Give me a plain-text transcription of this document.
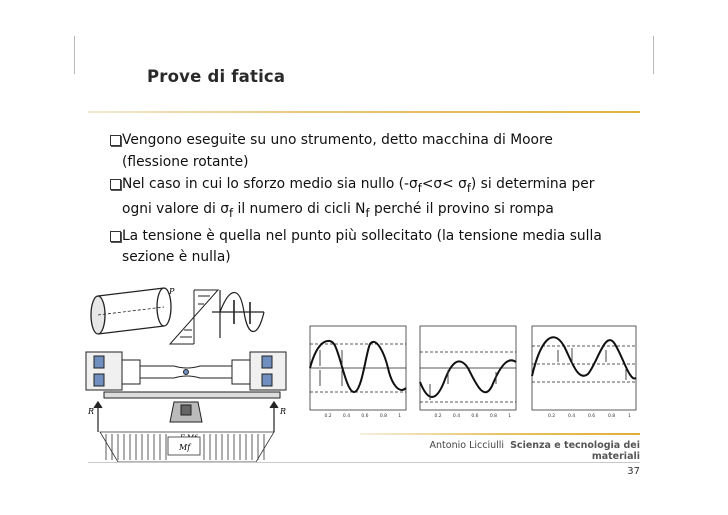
Prove di fatica
Vengono eseguite su uno strumento, detto macchina di Moore
(flessione rotante)
Nel caso in cui lo sforzo medio sia nullo $(-\sigma_f<\sigma< \sigma_f)$ si determina per
ogni valore di $\sigma_f$ il numero di cicli $N_f$ perché il provino si rompa
La tensione è quella nel punto più sollecitato (la tensione media sulla
sezione è nulla)
P
R	R
Mf
0.2	0.4	0.6	0.8	1	0.2	0.4	0.6	0.8	1	0.2	0.4	0.6	0.8	1
Antonio Licciulli Scienza e tecnologia dei materiali
37
